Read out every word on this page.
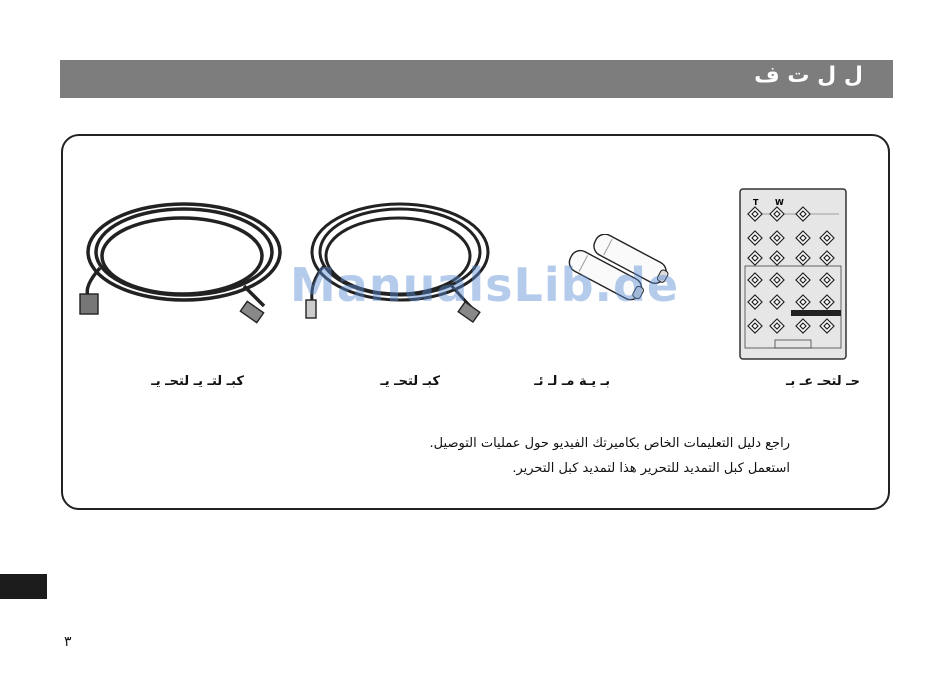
ل ل ت ف
T W
ManualsLib.de
حـ لتحـ عـ بـ
بـ يـة مـ لـ ئـ
كبـ لتحـ يـ
كبـ لتـ يـ لتحـ يـ
راجع دليل التعليمات الخاص بكاميرتك الفيديو حول عمليات التوصيل.
استعمل كبل التمديد للتحرير هذا لتمديد كبل التحرير.
٣
